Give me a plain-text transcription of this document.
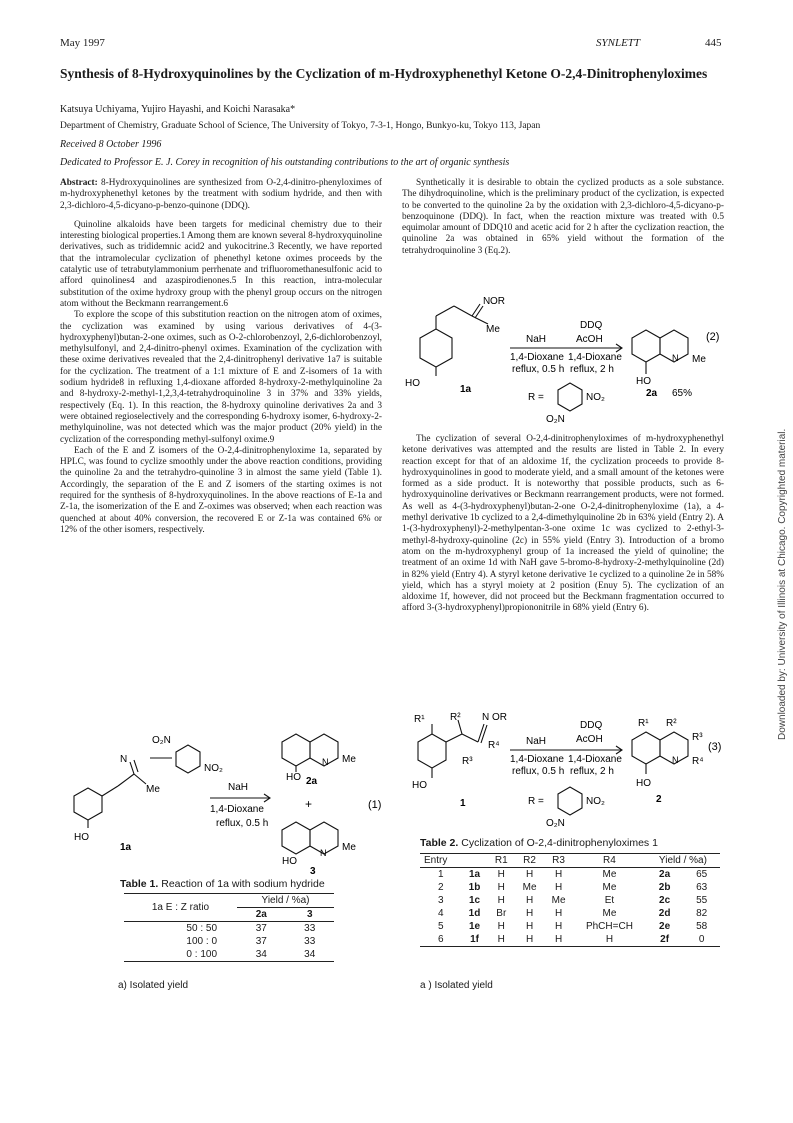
May 1997	SYNLETT	445
Synthesis of 8-Hydroxyquinolines by the Cyclization of m-Hydroxyphenethyl Ketone O-2,4-Dinitrophenyloximes
Katsuya Uchiyama, Yujiro Hayashi, and Koichi Narasaka*
Department of Chemistry, Graduate School of Science, The University of Tokyo, 7-3-1, Hongo, Bunkyo-ku, Tokyo 113, Japan
Received 8 October 1996
Dedicated to Professor E. J. Corey in recognition of his outstanding contributions to the art of organic synthesis

Abstract: 8-Hydroxyquinolines are synthesized from O-2,4-dinitro-phenyloximes of m-hydroxyphenethyl ketones by the treatment with sodium hydride, and then with 2,3-dichloro-4,5-dicyano-p-benzo-quinone (DDQ).

Quinoline alkaloids have been targets for medicinal chemistry due to their interesting biological properties.1 Among them are known several 8-hydroxyquinoline derivatives, such as trididemnic acid2 and yukocitrine.3 Recently, we have reported that the intramolecular cyclization of phenethyl ketone oximes proceeds by the catalytic use of tetrabutylammonium perrhenate and trifluoromethanesulfonic acid to afford quinolines4 and azaspirodienones.5 In this reaction, intra-molecular substitution of the oxime hydroxy group with the phenyl group occurs on the nitrogen atom without the Beckmann rearrangement.6

To explore the scope of this substitution reaction on the nitrogen atom of oximes, the cyclization was examined by using various derivatives of 4-(3-hydroxyphenyl)butan-2-one oximes, such as O-2-chlorobenzoyl, 2,6-dichlorobenzoyl, methylsulfonyl, and 2,4-dinitro-phenyl oximes. Examination of the cyclization with these oxime derivatives revealed that the 2,4-dinitrophenyl derivative 1a7 is suitable for the cyclization. The treatment of a 1:1 mixture of E and Z-isomers of 1a with sodium hydride8 in refluxing 1,4-dioxane afforded 8-hydroxy-2-methylquinoline 2a and 8-hydroxy-2-methyl-1,2,3,4-tetrahydroquinoline 3 in 37% and 33% yields, respectively (Eq. 1). In this reaction, the 8-hydroxy quinoline derivatives 2a and 3 were obtained regioselectively and the corresponding 6-hydroxy isomer, 6-hydroxy-2-methylquinoline, was not detected which was the major product (20% yield) in the cyclization of the corresponding methyl-sulfonyl oxime.9

Each of the E and Z isomers of the O-2,4-dinitrophenyloxime 1a, separated by HPLC, was found to cyclize smoothly under the above reaction conditions, providing the quinoline 2a and the tetrahydro-quinoline 3 in almost the same yield (Table 1). Accordingly, the separation of the E and Z isomers of the starting oximes is not required for the synthesis of 8-hydroxyquinolines. In the above reactions of E-1a and Z-1a, the isomerization of the E and Z-oximes was observed; when each reaction was quenched at about 40% conversion, the recovered E or Z-1a was contained 6% or 12% of the other isomers, respectively.

Synthetically it is desirable to obtain the cyclized products as a sole substance. The dihydroquinoline, which is the preliminary product of the cyclization, is expected to be converted to the quinoline 2a by the oxidation with 2,3-dichloro-4,5-dicyano-p-benzoquinone (DDQ). In fact, when the reaction mixture was treated with 0.5 equimolar amount of DDQ10 and acetic acid for 2 h after the cyclization reaction, the quinoline 2a was obtained in 65% yield without the formation of the tetrahydroquinoline 3 (Eq.2).

The cyclization of several O-2,4-dinitrophenyloximes of m-hydroxyphenethyl ketone derivatives was attempted and the results are listed in Table 2. In every reaction except for that of an aldoxime 1f, the cyclization proceeds to provide 8-hydroxyquinolines in good to moderate yield, and a small amount of the ketones were formed as a side product. It is noteworthy that possible products, such as 6-hydroxyquinoline derivatives or Beckmann rearrangement products, were not formed. As well as 4-(3-hydroxyphenyl)butan-2-one O-2,4-dinitrophenyloxime (1a), a 4-methyl derivative 1b cyclized to a 2,4-dimethylquinoline 2b in 63% yield (Entry 2). A 1-(3-hydroxyphenyl)-2-methylpentan-3-one oxime 1c was cyclized to 2-ethyl-3-methyl-8-hydroxy-quinoline (2c) in 55% yield (Entry 3). Introduction of a bromo atom on the m-hydroxyphenyl group of 1a increased the yield of quinoline; the treatment of an oxime 1d with NaH gave 5-bromo-8-hydroxy-2-methylquinoline (2d) in 82% yield (Entry 4). A styryl ketone derivative 1e cyclized to a quinoline 2e in 58% yield, which has a styryl moiety at 2 position (Enuy 5). The cyclization of an aldoxime 1f, however, did not proceed but the Beckmann fragmentation occurred to afford 3-(3-hydroxyphenyl)propiononitrile in 68% yield (Entry 6).

N OR
Me
HO
NaH
DDQ
AcOH
1,4-Dioxane 1,4-Dioxane
reflux, 0.5 h reflux, 2 h
N Me
HO
(2)
1a
R =	NO₂
O₂N
2a 65%
O₂N
NO₂
N
Me
HO
1a
NaH
1,4-Dioxane
reflux, 0.5 h
N Me
HO 2a
+	(1)
N Me
HO
3
Table 1. Reaction of 1a with sodium hydride
1a E : Z ratio	Yield / %a)	
	2a	3
50 : 50	37	33
100 : 0	37	33
0 : 100	34	34
a) Isolated yield
R¹	R² N OR
R⁴
R³
HO
1
NaH
DDQ
AcOH
1,4-Dioxane 1,4-Dioxane
reflux, 0.5 h reflux, 2 h
R¹ R²
R³
N R⁴
HO
(3)
R =	NO₂
O₂N
2
Table 2. Cyclization of O-2,4-dinitrophenyloximes 1
Entry		R1	R2	R3	R4	Yield / %a)	
1	1a	H	H	H	Me	2a	65
2	1b	H	Me	H	Me	2b	63
3	1c	H	H	Me	Et	2c	55
4	1d	Br	H	H	Me	2d	82
5	1e	H	H	H	PhCH=CH	2e	58
6	1f	H	H	H	H	2f	0
a ) Isolated yield
Downloaded by: University of Illinois at Chicago. Copyrighted material.
